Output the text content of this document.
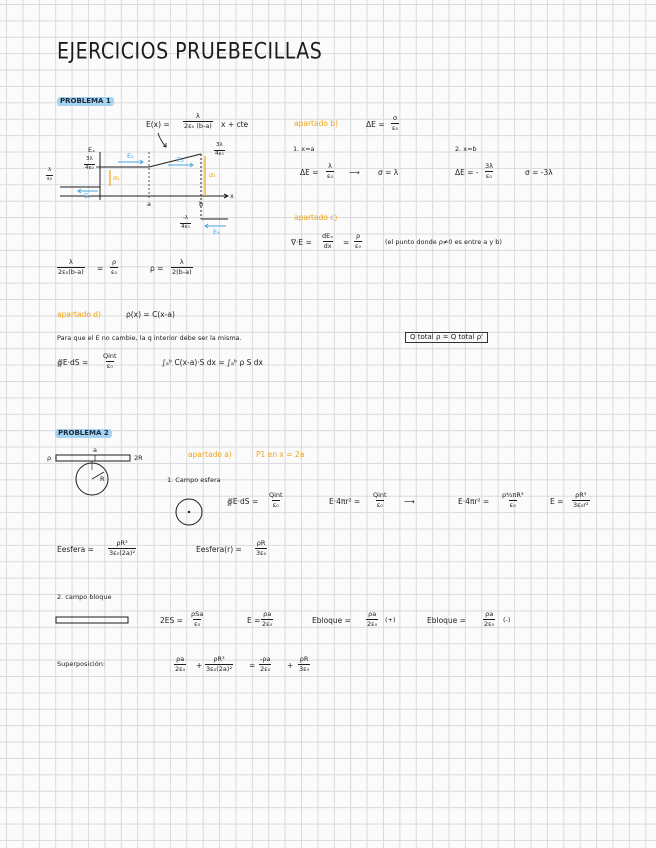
EJERCICIOS PRUEBECILLAS
PROBLEMA 1
$E(x) = \frac{\lambda}{\text{2ε₀ (b-a)}}$ x + cte
Eₓ
$\frac{3\lambda}{\text{4ε₀}}$
$\frac{\lambda}{\text{ε₀}}$
$\frac{3\lambda}{\text{4ε₀}}$
$\frac{-\lambda}{\text{4ε₀}}$
E₂	E₃
E₁
E₄
σ₁	σ₂
a	b
x
apartado b)	$\Delta E = \frac{\sigma}{\text{ε₀}}$
1. x=a	2. x=b
$\Delta E = \frac{\lambda}{\text{ε₀}}$ ⟶ σ = λ	ΔE = - $\frac{3\lambda}{\text{ε₀}}$	σ = -3λ
apartado c)
∇·E =
dEₓ
dx = $\frac{\rho}{\text{ε₀}}$	(el punto donde ρ≠0 es entre a y b)
$\frac{\lambda}{\text{2ε₀(b-a)}} = \frac{\rho}{\text{ε₀}}$	$\rho = \frac{\lambda}{2(b-a)}$
apartado d)	ρ(x) = C(x-a)
Para que el E no cambie, la q interior debe ser la misma.	Q total ρ = Q total ρ'
∯E·dS =
Qint
ε₀	∫ₐᵇ C(x-a)·S dx = ∫ₐᵇ ρ S dx
PROBLEMA 2
ρ
a
R
2R	apartado a)	P1 en x = 2a
1. Campo esfera
∯E·dS =
Qint
ε₀	E·4πr² =
Qint
ε₀	⟶	$E\cdot 4\pi r^2 = \frac{\text{ρ⁴⁄₃πR³}}{\text{ε₀}}$	$E = \frac{\text{ρR³}}{\text{3ε₀r²}}$
Eesfera = $\frac{\text{ρR³}}{\text{3ε₀(2a)²}}$	Eesfera(r) = $\frac{\rho R}{\text{3ε₀}}$
2. campo bloque
2ES =
ρSa
ε₀	$E = \frac{\rho a}{\text{2ε₀}}$	Ebloque = $\frac{\rho a}{\text{2ε₀}}$ (+)	Ebloque =	$\frac{\rho a}{\text{2ε₀}}$ (-)
Superposición:	$\frac{\rho a}{\text{2ε₀}} + \frac{\text{ρR³}}{\text{3ε₀(2a)²}} = \frac{-\rho a}{\text{2ε₀}} + \frac{\rho R}{\text{3ε₀}}$
